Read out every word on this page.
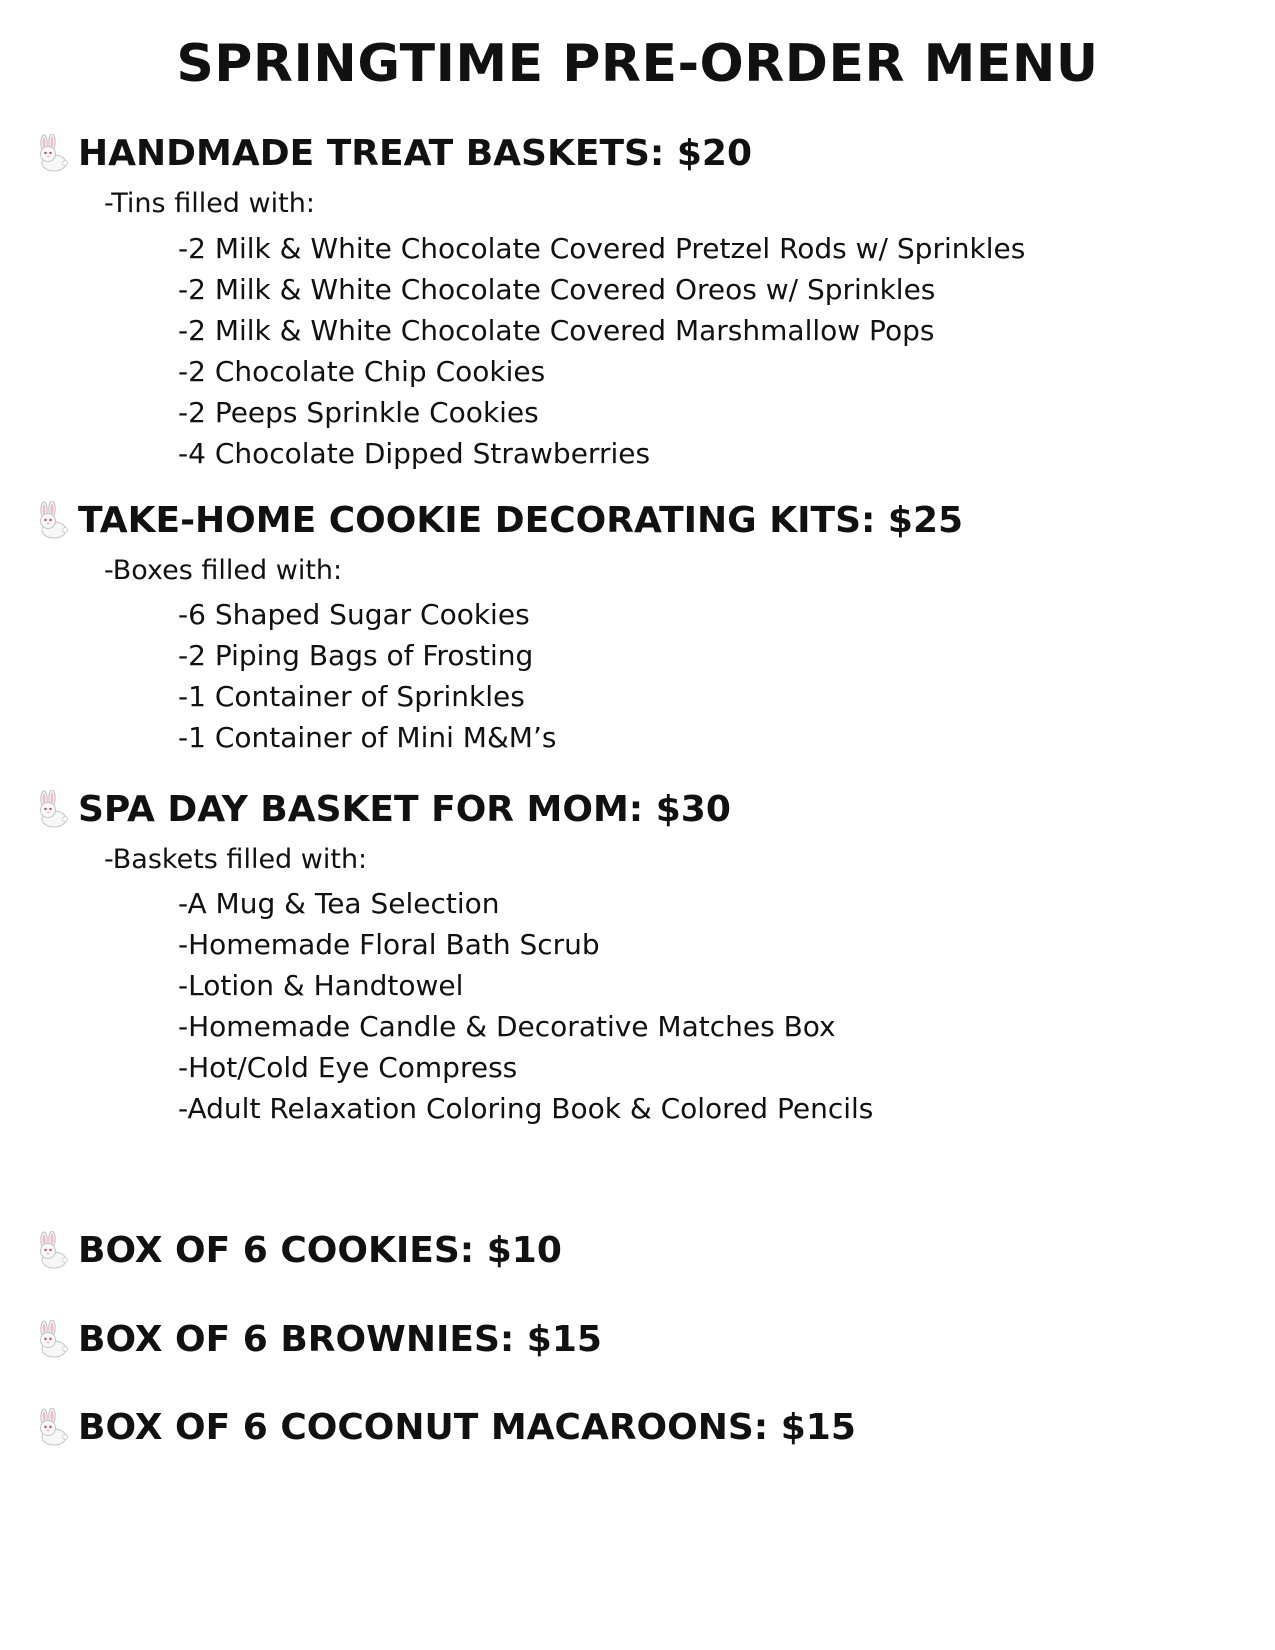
SPRINGTIME PRE-ORDER MENU
HANDMADE TREAT BASKETS: $20
-Tins filled with:
-2 Milk & White Chocolate Covered Pretzel Rods w/ Sprinkles
-2 Milk & White Chocolate Covered Oreos w/ Sprinkles
-2 Milk & White Chocolate Covered Marshmallow Pops
-2 Chocolate Chip Cookies
-2 Peeps Sprinkle Cookies
-4 Chocolate Dipped Strawberries
TAKE-HOME COOKIE DECORATING KITS: $25
-Boxes filled with:
-6 Shaped Sugar Cookies
-2 Piping Bags of Frosting
-1 Container of Sprinkles
-1 Container of Mini M&M’s
SPA DAY BASKET FOR MOM: $30
-Baskets filled with:
-A Mug & Tea Selection
-Homemade Floral Bath Scrub
-Lotion & Handtowel
-Homemade Candle & Decorative Matches Box
-Hot/Cold Eye Compress
-Adult Relaxation Coloring Book & Colored Pencils
BOX OF 6 COOKIES: $10
BOX OF 6 BROWNIES: $15
BOX OF 6 COCONUT MACAROONS: $15
